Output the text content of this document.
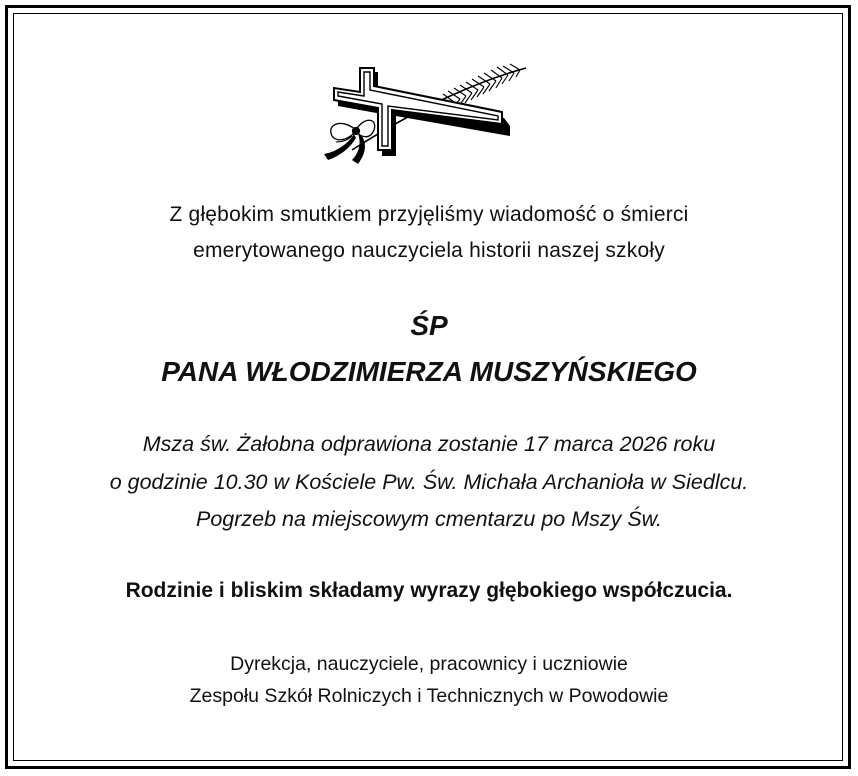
Z głębokim smutkiem przyjęliśmy wiadomość o śmierci
emerytowanego nauczyciela historii naszej szkoły
ŚP
PANA WŁODZIMIERZA MUSZYŃSKIEGO
Msza św. Żałobna odprawiona zostanie 17 marca 2026 roku
o godzinie 10.30 w Kościele Pw. Św. Michała Archanioła w Siedlcu.
Pogrzeb na miejscowym cmentarzu po Mszy Św.
Rodzinie i bliskim składamy wyrazy głębokiego współczucia.
Dyrekcja, nauczyciele, pracownicy i uczniowie
Zespołu Szkół Rolniczych i Technicznych w Powodowie
